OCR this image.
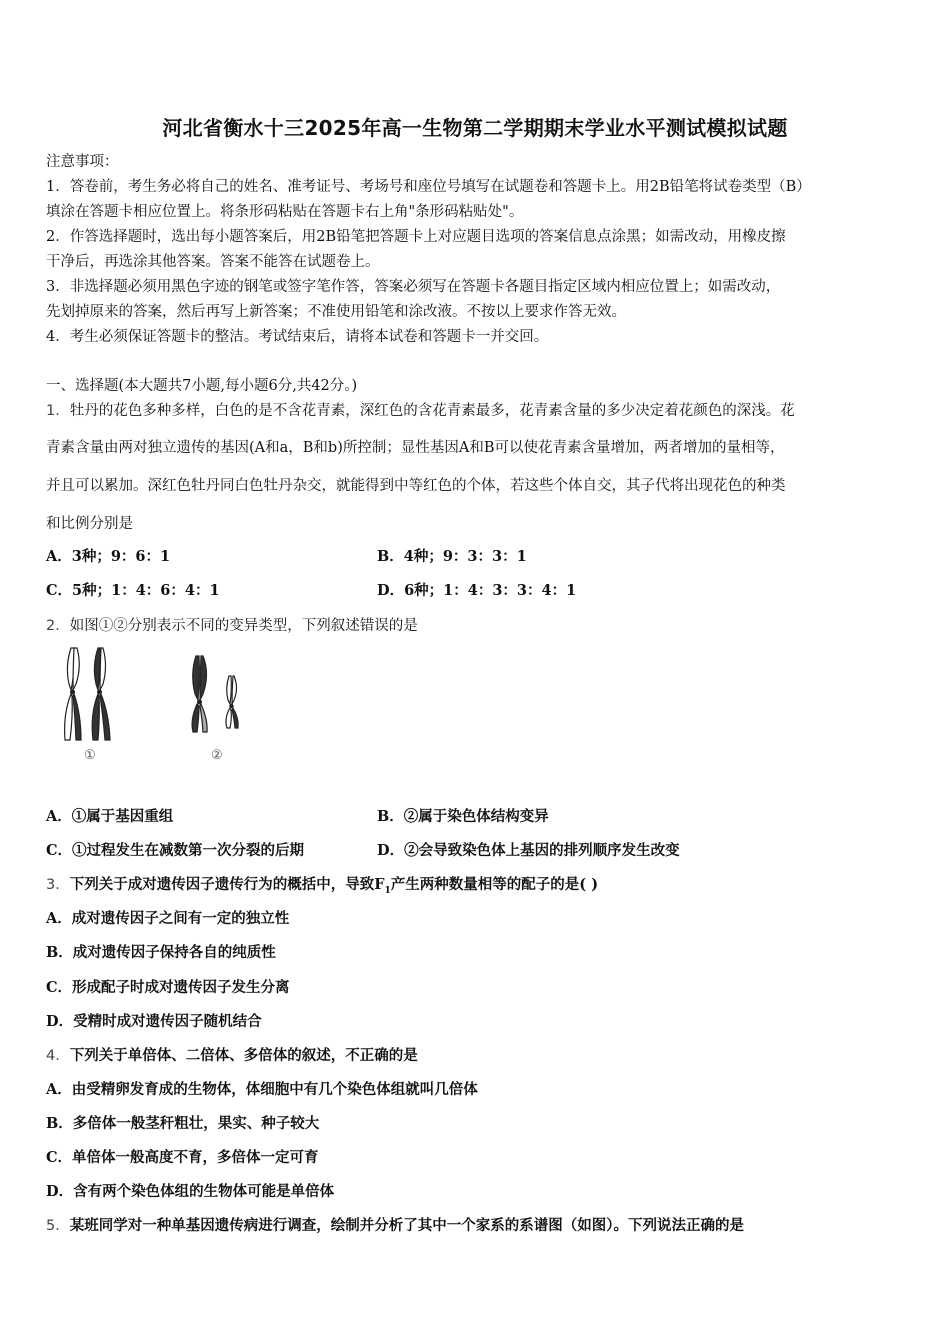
河北省衡水十三2025年高一生物第二学期期末学业水平测试模拟试题
注意事项：
1．答卷前，考生务必将自己的姓名、准考证号、考场号和座位号填写在试题卷和答题卡上。用2B铅笔将试卷类型（B）
填涂在答题卡相应位置上。将条形码粘贴在答题卡右上角"条形码粘贴处"。
2．作答选择题时，选出每小题答案后，用2B铅笔把答题卡上对应题目选项的答案信息点涂黑；如需改动，用橡皮擦
干净后，再选涂其他答案。答案不能答在试题卷上。
3．非选择题必须用黑色字迹的钢笔或签字笔作答，答案必须写在答题卡各题目指定区域内相应位置上；如需改动，
先划掉原来的答案，然后再写上新答案；不准使用铅笔和涂改液。不按以上要求作答无效。
4．考生必须保证答题卡的整洁。考试结束后，请将本试卷和答题卡一并交回。
一、选择题(本大题共7小题,每小题6分,共42分。)
1．牡丹的花色多种多样，白色的是不含花青素，深红色的含花青素最多，花青素含量的多少决定着花颜色的深浅。花
青素含量由两对独立遗传的基因(A和a，B和b)所控制；显性基因A和B可以使花青素含量增加，两者增加的量相等，
并且可以累加。深红色牡丹同白色牡丹杂交，就能得到中等红色的个体，若这些个体自交，其子代将出现花色的种类
和比例分别是
A．3种；9：6：1	B．4种；9：3：3：1
C．5种；1：4：6：4：1	D．6种；1：4：3：3：4：1
2．如图①②分别表示不同的变异类型，下列叙述错误的是
①	②
A．①属于基因重组	B．②属于染色体结构变异
C．①过程发生在减数第一次分裂的后期	D．②会导致染色体上基因的排列顺序发生改变
3．下列关于成对遗传因子遗传行为的概括中，导致$F_1$产生两种数量相等的配子的是( )
A．成对遗传因子之间有一定的独立性
B．成对遗传因子保持各自的纯质性
C．形成配子时成对遗传因子发生分离
D．受精时成对遗传因子随机结合
4．下列关于单倍体、二倍体、多倍体的叙述，不正确的是
A．由受精卵发育成的生物体，体细胞中有几个染色体组就叫几倍体
B．多倍体一般茎秆粗壮，果实、种子较大
C．单倍体一般高度不育，多倍体一定可育
D．含有两个染色体组的生物体可能是单倍体
5．某班同学对一种单基因遗传病进行调查，绘制并分析了其中一个家系的系谱图（如图）。下列说法正确的是
